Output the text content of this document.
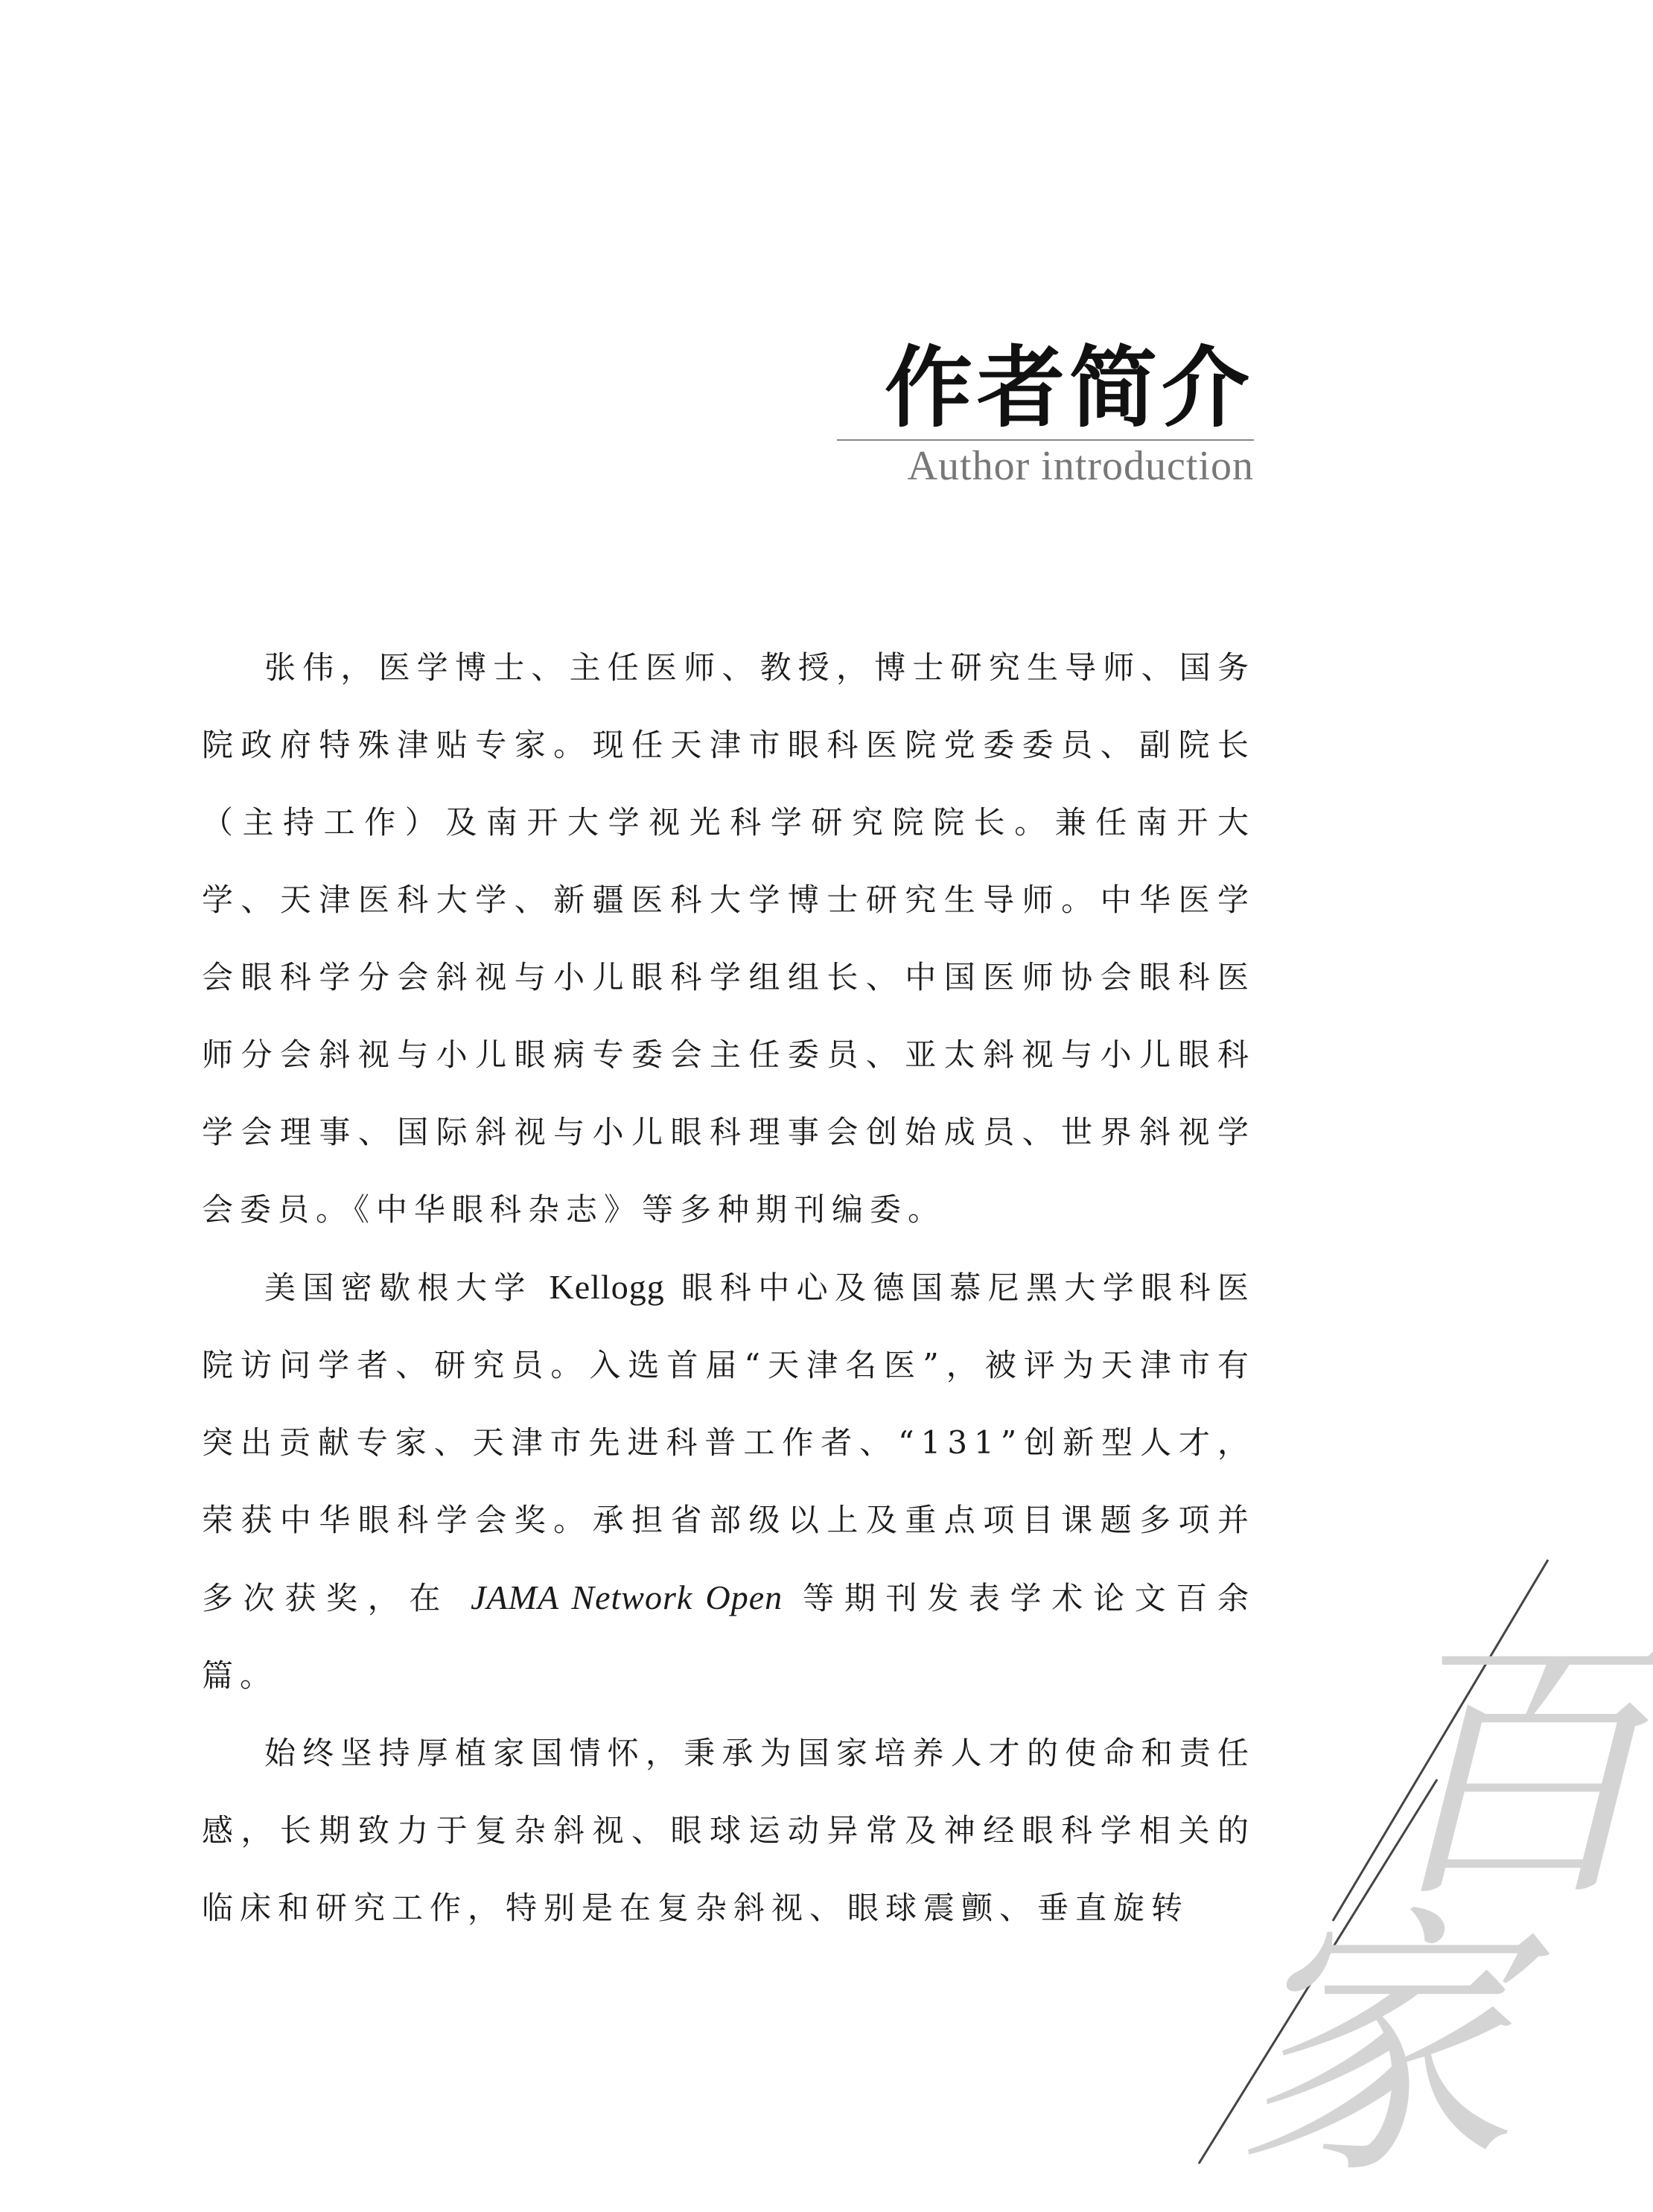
百
家
作者简介
Author introduction

张伟，医学博士、主任医师、教授，博士研究生导师、国务院政府特殊津贴专家。现任天津市眼科医院党委委员、副院长（主持工作）及南开大学视光科学研究院院长。兼任南开大学、天津医科大学、新疆医科大学博士研究生导师。中华医学会眼科学分会斜视与小儿眼科学组组长、中国医师协会眼科医师分会斜视与小儿眼病专委会主任委员、亚太斜视与小儿眼科学会理事、国际斜视与小儿眼科理事会创始成员、世界斜视学会委员。《中华眼科杂志》等多种期刊编委。

美国密歇根大学 Kellogg 眼科中心及德国慕尼黑大学眼科医院访问学者、研究员。入选首届“天津名医”，被评为天津市有突出贡献专家、天津市先进科普工作者、“131”创新型人才，荣获中华眼科学会奖。承担省部级以上及重点项目课题多项并多次获奖，在 JAMA Network Open 等期刊发表学术论文百余篇。

始终坚持厚植家国情怀，秉承为国家培养人才的使命和责任感，长期致力于复杂斜视、眼球运动异常及神经眼科学相关的临床和研究工作，特别是在复杂斜视、眼球震颤、垂直旋转
